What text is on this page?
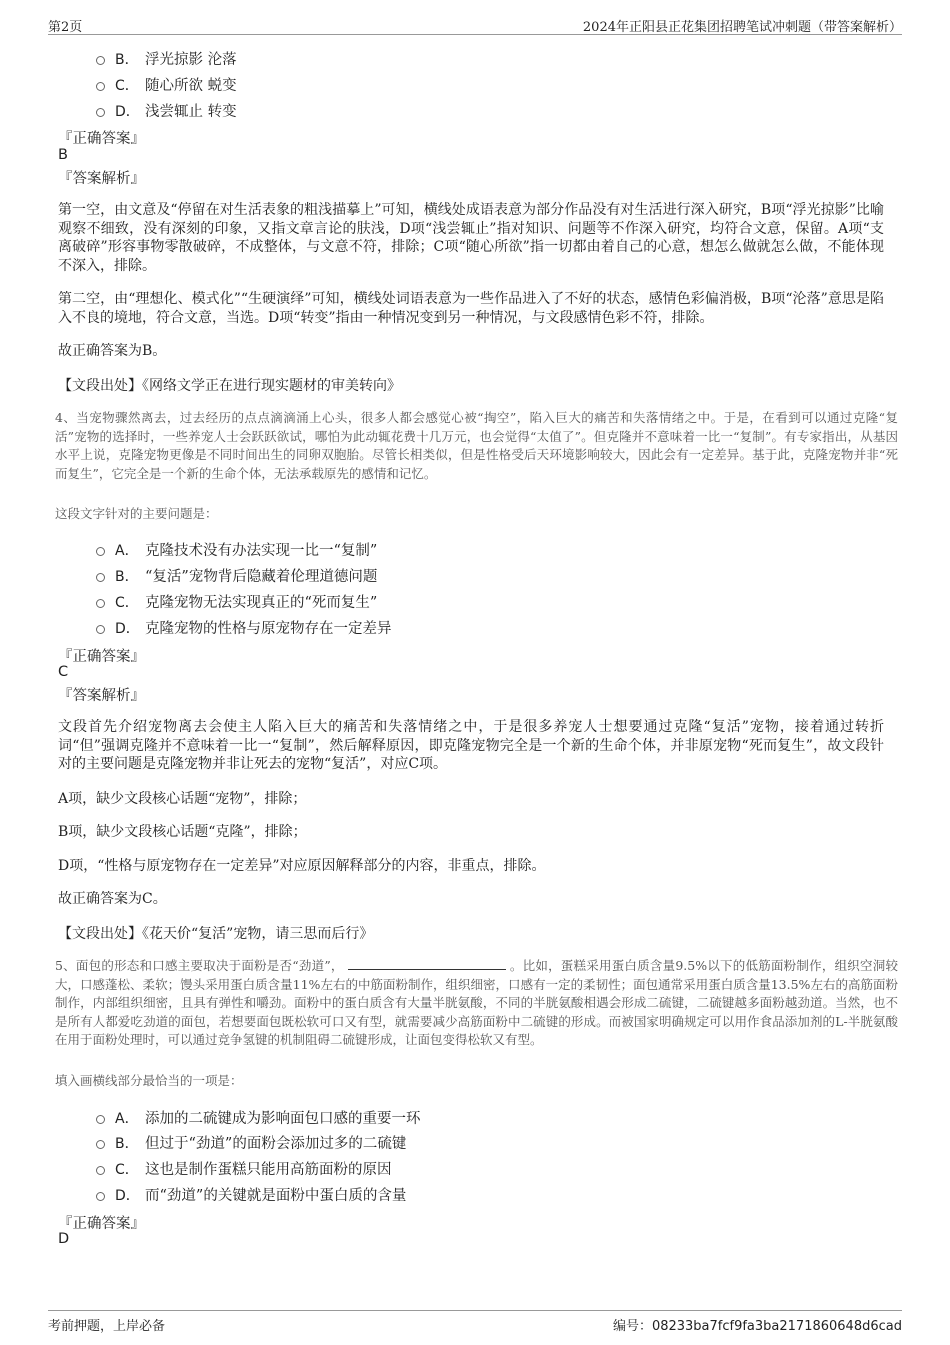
第2页	2024年正阳县正花集团招聘笔试冲刺题（带答案解析）
B． 浮光掠影 沦落
C． 随心所欲 蜕变
D． 浅尝辄止 转变
『正确答案』
B
『答案解析』
第一空，由文意及“停留在对生活表象的粗浅描摹上”可知，横线处成语表意为部分作品没有对生活进行深入研究，B项“浮光掠影”比喻观察不细致，没有深刻的印象，又指文章言论的肤浅，D项“浅尝辄止”指对知识、问题等不作深入研究，均符合文意，保留。A项“支离破碎”形容事物零散破碎，不成整体，与文意不符，排除；C项“随心所欲”指一切都由着自己的心意，想怎么做就怎么做，不能体现不深入，排除。
第二空，由“理想化、模式化”“生硬演绎”可知，横线处词语表意为一些作品进入了不好的状态，感情色彩偏消极，B项“沦落”意思是陷入不良的境地，符合文意，当选。D项“转变”指由一种情况变到另一种情况，与文段感情色彩不符，排除。
故正确答案为B。
【文段出处】《网络文学正在进行现实题材的审美转向》
4、当宠物骤然离去，过去经历的点点滴滴涌上心头，很多人都会感觉心被“掏空”，陷入巨大的痛苦和失落情绪之中。于是，在看到可以通过克隆“复活”宠物的选择时，一些养宠人士会跃跃欲试，哪怕为此动辄花费十几万元，也会觉得“太值了”。但克隆并不意味着一比一“复制”。有专家指出，从基因水平上说，克隆宠物更像是不同时间出生的同卵双胞胎。尽管长相类似，但是性格受后天环境影响较大，因此会有一定差异。基于此，克隆宠物并非“死而复生”，它完全是一个新的生命个体，无法承载原先的感情和记忆。
这段文字针对的主要问题是：
A． 克隆技术没有办法实现一比一“复制”
B． “复活”宠物背后隐藏着伦理道德问题
C． 克隆宠物无法实现真正的“死而复生”
D． 克隆宠物的性格与原宠物存在一定差异
『正确答案』
C
『答案解析』
文段首先介绍宠物离去会使主人陷入巨大的痛苦和失落情绪之中，于是很多养宠人士想要通过克隆“复活”宠物，接着通过转折词“但”强调克隆并不意味着一比一“复制”，然后解释原因，即克隆宠物完全是一个新的生命个体，并非原宠物“死而复生”，故文段针对的主要问题是克隆宠物并非让死去的宠物“复活”，对应C项。
A项，缺少文段核心话题“宠物”，排除；
B项，缺少文段核心话题“克隆”，排除；
D项，“性格与原宠物存在一定差异”对应原因解释部分的内容，非重点，排除。
故正确答案为C。
【文段出处】《花天价“复活”宠物，请三思而后行》
5、面包的形态和口感主要取决于面粉是否“劲道”，	。比如，蛋糕采用蛋白质含量9.5%以下的低筋面粉制作，组织空洞较大，口感蓬松、柔软；馒头采用蛋白质含量11%左右的中筋面粉制作，组织细密，口感有一定的柔韧性；面包通常采用蛋白质含量13.5%左右的高筋面粉制作，内部组织细密，且具有弹性和嚼劲。面粉中的蛋白质含有大量半胱氨酸，不同的半胱氨酸相遇会形成二硫键，二硫键越多面粉越劲道。当然，也不是所有人都爱吃劲道的面包，若想要面包既松软可口又有型，就需要减少高筋面粉中二硫键的形成。而被国家明确规定可以用作食品添加剂的L-半胱氨酸在用于面粉处理时，可以通过竞争氢键的机制阻碍二硫键形成，让面包变得松软又有型。
填入画横线部分最恰当的一项是：
A． 添加的二硫键成为影响面包口感的重要一环
B． 但过于“劲道”的面粉会添加过多的二硫键
C． 这也是制作蛋糕只能用高筋面粉的原因
D． 而“劲道”的关键就是面粉中蛋白质的含量
『正确答案』
D
考前押题，上岸必备	编号：08233ba7fcf9fa3ba2171860648d6cad
